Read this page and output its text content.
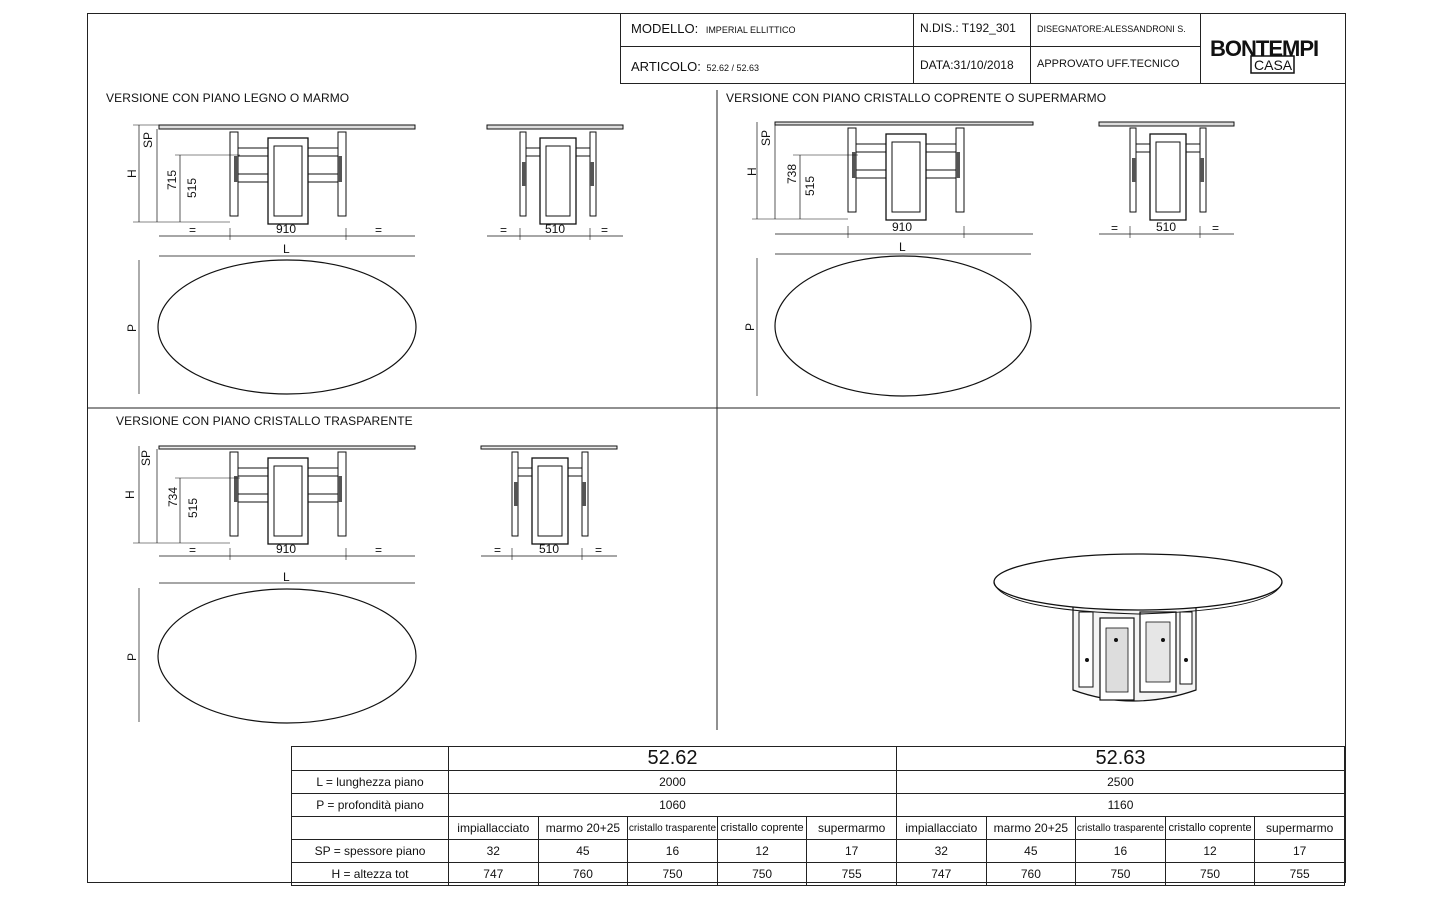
MODELLO: IMPERIAL ELLITTICO
ARTICOLO: 52.62 / 52.63
N.DIS.: T192_301
DATA:31/10/2018
DISEGNATORE:ALESSANDRONI S.
APPROVATO UFF.TECNICO
BONTEMPI
CASA
SP
H 715 515
=	910	=	=	510	=
L
P
SP
H 738
515
910	=	510	=
L
P
SP
H 734
515
=	910	=	=	510	=
L
P
VERSIONE CON PIANO LEGNO O MARMO	VERSIONE CON PIANO CRISTALLO COPRENTE O SUPERMARMO
VERSIONE CON PIANO CRISTALLO TRASPARENTE
	52.62					52.63				
L = lunghezza piano	2000					2500				
P = profondità piano	1060					1160				
	impiallacciato	marmo 20+25	cristallo trasparente	cristallo coprente	supermarmo	impiallacciato	marmo 20+25	cristallo trasparente	cristallo coprente	supermarmo
SP = spessore piano	32	45	16	12	17	32	45	16	12	17
H = altezza tot	747	760	750	750	755	747	760	750	750	755
